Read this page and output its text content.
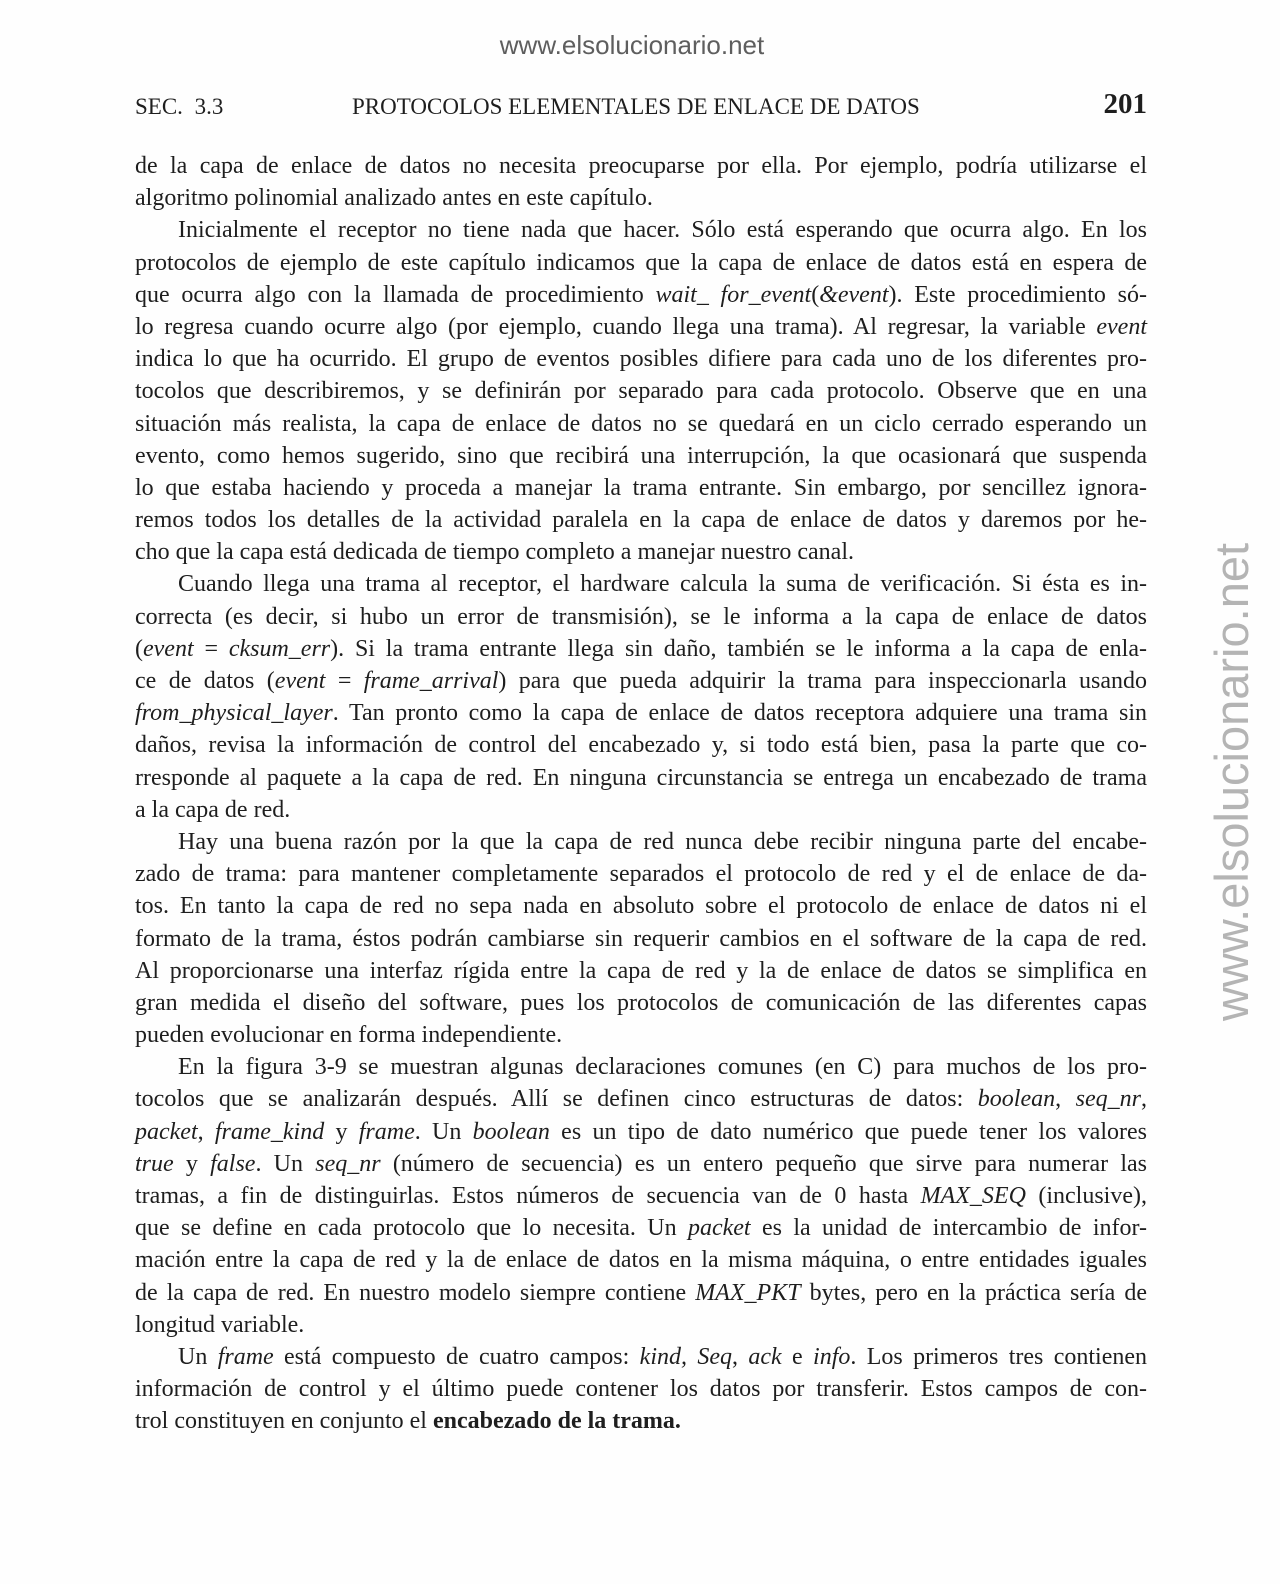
www.elsolucionario.net
www.elsolucionario.net
SEC. 3.3	PROTOCOLOS ELEMENTALES DE ENLACE DE DATOS	201
de la capa de enlace de datos no necesita preocuparse por ella. Por ejemplo, podría utilizarse el
algoritmo polinomial analizado antes en este capítulo.
Inicialmente el receptor no tiene nada que hacer. Sólo está esperando que ocurra algo. En los
protocolos de ejemplo de este capítulo indicamos que la capa de enlace de datos está en espera de
que ocurra algo con la llamada de procedimiento wait_ for_event(&event). Este procedimiento só-
lo regresa cuando ocurre algo (por ejemplo, cuando llega una trama). Al regresar, la variable event
indica lo que ha ocurrido. El grupo de eventos posibles difiere para cada uno de los diferentes pro-
tocolos que describiremos, y se definirán por separado para cada protocolo. Observe que en una
situación más realista, la capa de enlace de datos no se quedará en un ciclo cerrado esperando un
evento, como hemos sugerido, sino que recibirá una interrupción, la que ocasionará que suspenda
lo que estaba haciendo y proceda a manejar la trama entrante. Sin embargo, por sencillez ignora-
remos todos los detalles de la actividad paralela en la capa de enlace de datos y daremos por he-
cho que la capa está dedicada de tiempo completo a manejar nuestro canal.
Cuando llega una trama al receptor, el hardware calcula la suma de verificación. Si ésta es in-
correcta (es decir, si hubo un error de transmisión), se le informa a la capa de enlace de datos
(event = cksum_err). Si la trama entrante llega sin daño, también se le informa a la capa de enla-
ce de datos (event = frame_arrival) para que pueda adquirir la trama para inspeccionarla usando
from_physical_layer. Tan pronto como la capa de enlace de datos receptora adquiere una trama sin
daños, revisa la información de control del encabezado y, si todo está bien, pasa la parte que co-
rresponde al paquete a la capa de red. En ninguna circunstancia se entrega un encabezado de trama
a la capa de red.
Hay una buena razón por la que la capa de red nunca debe recibir ninguna parte del encabe-
zado de trama: para mantener completamente separados el protocolo de red y el de enlace de da-
tos. En tanto la capa de red no sepa nada en absoluto sobre el protocolo de enlace de datos ni el
formato de la trama, éstos podrán cambiarse sin requerir cambios en el software de la capa de red.
Al proporcionarse una interfaz rígida entre la capa de red y la de enlace de datos se simplifica en
gran medida el diseño del software, pues los protocolos de comunicación de las diferentes capas
pueden evolucionar en forma independiente.
En la figura 3-9 se muestran algunas declaraciones comunes (en C) para muchos de los pro-
tocolos que se analizarán después. Allí se definen cinco estructuras de datos: boolean, seq_nr,
packet, frame_kind y frame. Un boolean es un tipo de dato numérico que puede tener los valores
true y false. Un seq_nr (número de secuencia) es un entero pequeño que sirve para numerar las
tramas, a fin de distinguirlas. Estos números de secuencia van de 0 hasta MAX_SEQ (inclusive),
que se define en cada protocolo que lo necesita. Un packet es la unidad de intercambio de infor-
mación entre la capa de red y la de enlace de datos en la misma máquina, o entre entidades iguales
de la capa de red. En nuestro modelo siempre contiene MAX_PKT bytes, pero en la práctica sería de
longitud variable.
Un frame está compuesto de cuatro campos: kind, Seq, ack e info. Los primeros tres contienen
información de control y el último puede contener los datos por transferir. Estos campos de con-
trol constituyen en conjunto el encabezado de la trama.
